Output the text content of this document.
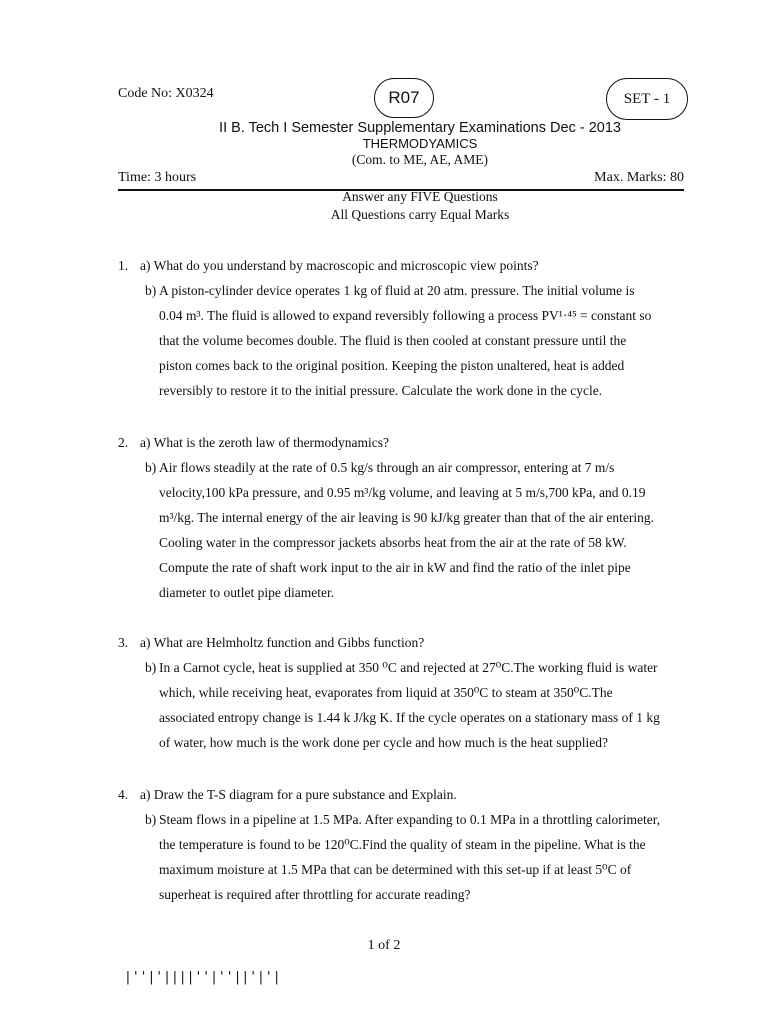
Code No: X0324	R07	SET - 1
II B. Tech I Semester Supplementary Examinations Dec - 2013
THERMODYAMICS
(Com. to ME, AE, AME)
Time: 3 hours	Max. Marks: 80
Answer any FIVE Questions
All Questions carry Equal Marks
1. a) What do you understand by macroscopic and microscopic view points?
b) A piston-cylinder device operates 1 kg of fluid at 20 atm. pressure. The initial volume is
0.04 m³. The fluid is allowed to expand reversibly following a process PV¹·⁴⁵ = constant so
that the volume becomes double. The fluid is then cooled at constant pressure until the
piston comes back to the original position. Keeping the piston unaltered, heat is added
reversibly to restore it to the initial pressure. Calculate the work done in the cycle.
2. a) What is the zeroth law of thermodynamics?
b) Air flows steadily at the rate of 0.5 kg/s through an air compressor, entering at 7 m/s
velocity,100 kPa pressure, and 0.95 m³/kg volume, and leaving at 5 m/s,700 kPa, and 0.19
m³/kg. The internal energy of the air leaving is 90 kJ/kg greater than that of the air entering.
Cooling water in the compressor jackets absorbs heat from the air at the rate of 58 kW.
Compute the rate of shaft work input to the air in kW and find the ratio of the inlet pipe
diameter to outlet pipe diameter.
3. a) What are Helmholtz function and Gibbs function?
b) In a Carnot cycle, heat is supplied at 350 ⁰C and rejected at 27⁰C.The working fluid is water
which, while receiving heat, evaporates from liquid at 350⁰C to steam at 350⁰C.The
associated entropy change is 1.44 k J/kg K. If the cycle operates on a stationary mass of 1 kg
of water, how much is the work done per cycle and how much is the heat supplied?
4. a) Draw the T-S diagram for a pure substance and Explain.
b) Steam flows in a pipeline at 1.5 MPa. After expanding to 0.1 MPa in a throttling calorimeter,
the temperature is found to be 120⁰C.Find the quality of steam in the pipeline. What is the
maximum moisture at 1.5 MPa that can be determined with this set-up if at least 5⁰C of
superheat is required after throttling for accurate reading?
1 of 2
|''|'||||''|''||'|'|
